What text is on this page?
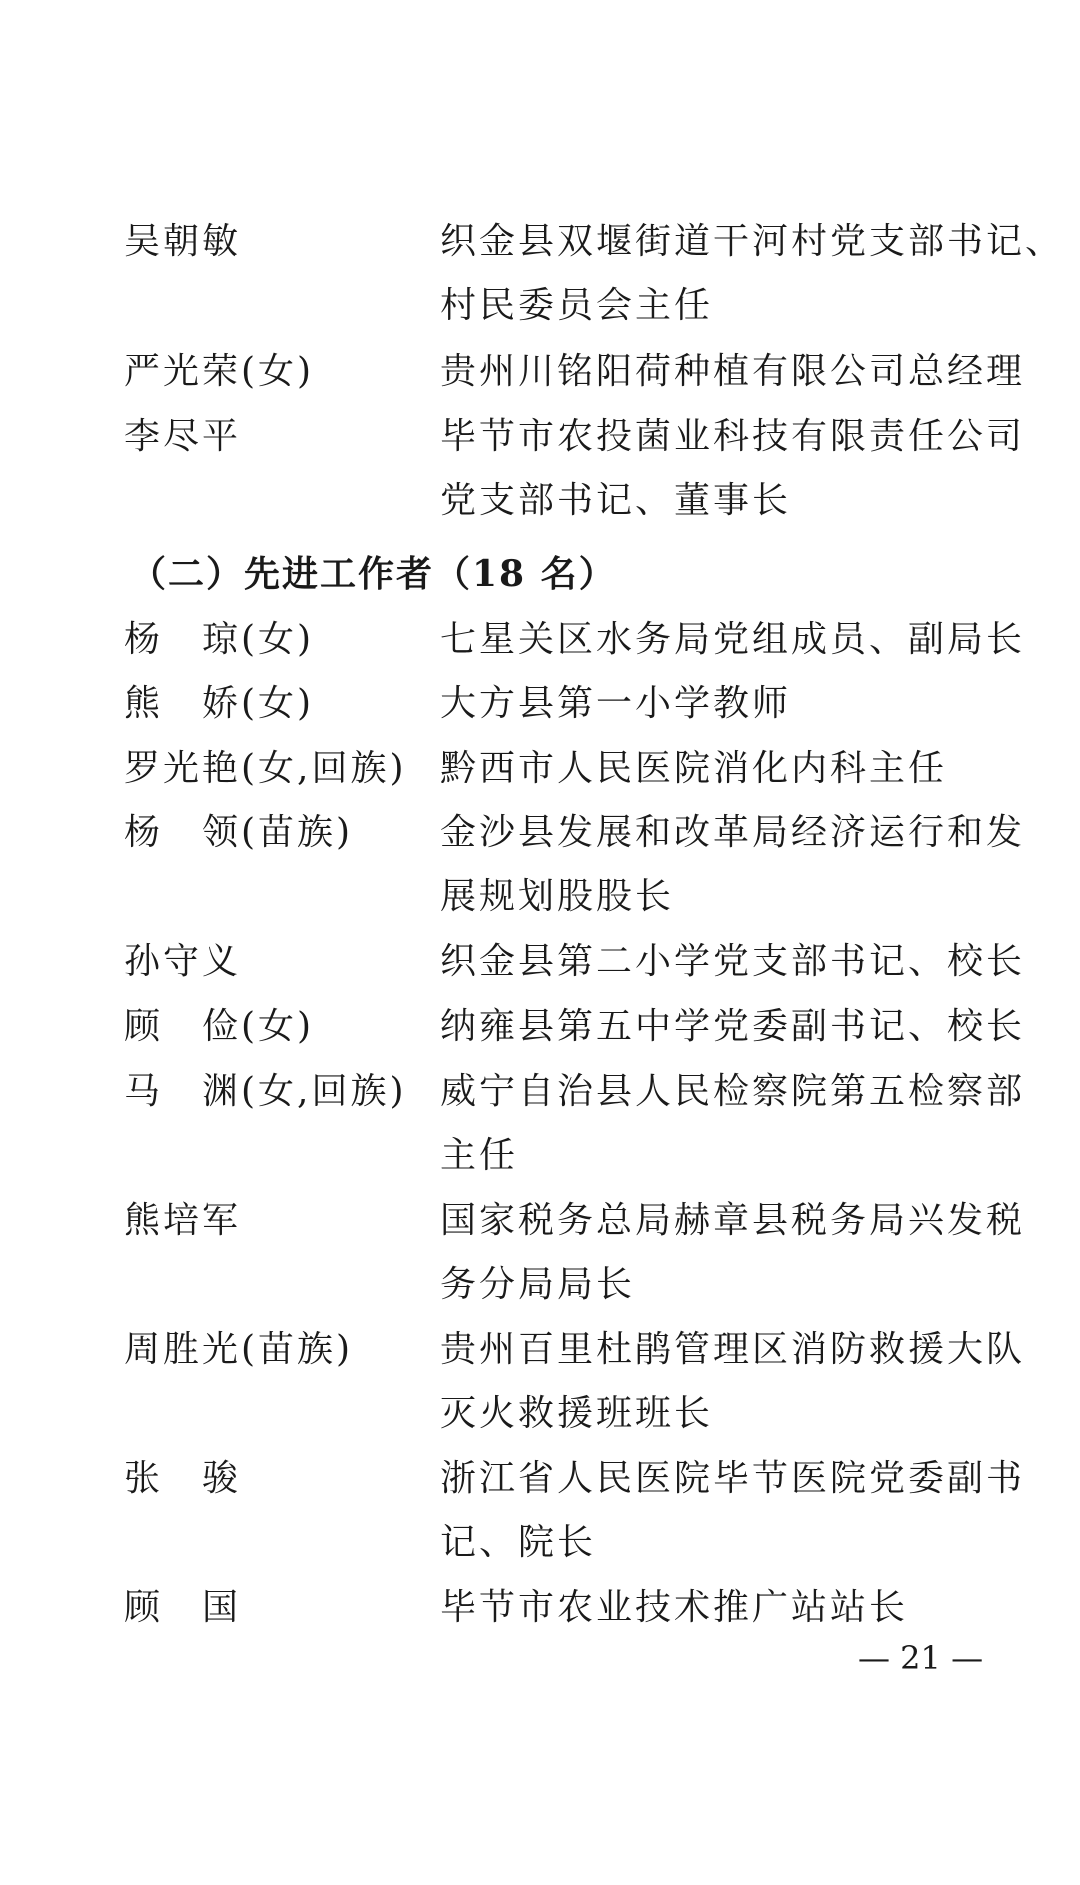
吴朝敏	织金县双堰街道干河村党支部书记、
村民委员会主任
严光荣(女)	贵州川铭阳荷种植有限公司总经理
李尽平	毕节市农投菌业科技有限责任公司
党支部书记、董事长
（二）先进工作者（18 名）
杨　琼(女)	七星关区水务局党组成员、副局长
熊　娇(女)	大方县第一小学教师
罗光艳(女,回族) 黔西市人民医院消化内科主任
杨　领(苗族) 金沙县发展和改革局经济运行和发
展规划股股长
孙守义	织金县第二小学党支部书记、校长
顾　俭(女)	纳雍县第五中学党委副书记、校长
马　渊(女,回族) 威宁自治县人民检察院第五检察部
主任
熊培军	国家税务总局赫章县税务局兴发税
务分局局长
周胜光(苗族) 贵州百里杜鹃管理区消防救援大队
灭火救援班班长
张　骏	浙江省人民医院毕节医院党委副书
记、院长
顾　国	毕节市农业技术推广站站长
— 21 —
